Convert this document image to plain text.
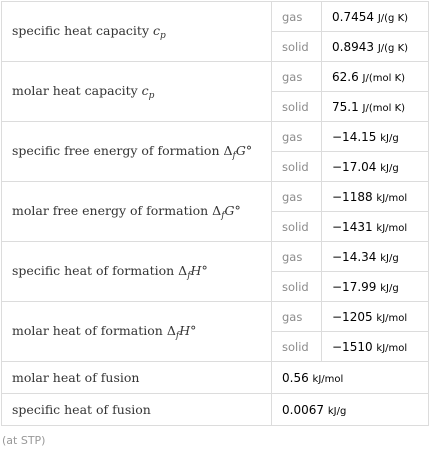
specific heat capacity $c_p$	gas	0.7454 J/(g K)
	solid	0.8943 J/(g K)
molar heat capacity $c_p$	gas	62.6 J/(mol K)
	solid	75.1 J/(mol K)
specific free energy of formation $\Delta_fG^\circ$	gas	−14.15 kJ/g
	solid	−17.04 kJ/g
molar free energy of formation $\Delta_fG^\circ$	gas	−1188 kJ/mol
	solid	−1431 kJ/mol
specific heat of formation $\Delta_fH^\circ$	gas	−14.34 kJ/g
	solid	−17.99 kJ/g
molar heat of formation $\Delta_fH^\circ$	gas	−1205 kJ/mol
	solid	−1510 kJ/mol
molar heat of fusion	0.56 kJ/mol	
specific heat of fusion	0.0067 kJ/g	
(at STP)
